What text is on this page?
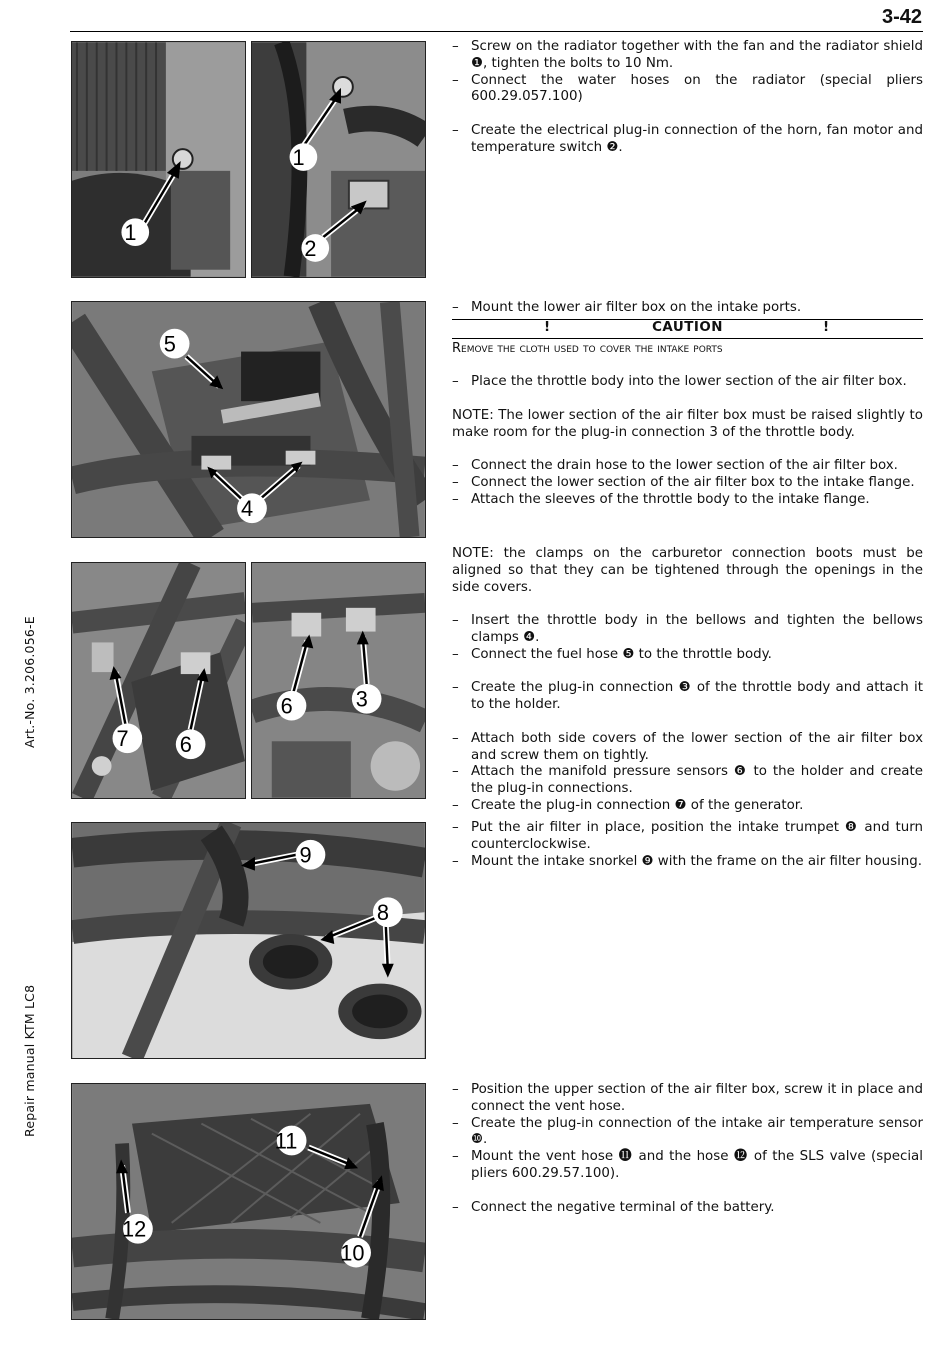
3-42
Art.-No. 3.206.056-E
Repair manual KTM LC8
1
1
2
5
4
7 6
6	3
9
8
11
12
10
– Screw on the radiator together with the fan and the radiator shield ❶, tighten the bolts to 10 Nm.
– Connect the water hoses on the radiator (special pliers 600.29.057.100)
– Create the electrical plug-in connection of the horn, fan motor and temperature switch ❷.
– Mount the lower air filter box on the intake ports.
!	CAUTION	!
Remove the cloth used to cover the intake ports
– Place the throttle body into the lower section of the air filter box.
NOTE: The lower section of the air filter box must be raised slightly to make room for the plug-in connection 3 of the throttle body.
– Connect the drain hose to the lower section of the air filter box.
– Connect the lower section of the air filter box to the intake flange.
– Attach the sleeves of the throttle body to the intake flange.
NOTE: the clamps on the carburetor connection boots must be aligned so that they can be tightened through the openings in the side covers.
– Insert the throttle body in the bellows and tighten the bellows clamps ❹.
– Connect the fuel hose ❺ to the throttle body.
– Create the plug-in connection ❸ of the throttle body and attach it to the holder.
– Attach both side covers of the lower section of the air filter box and screw them on tightly.
– Attach the manifold pressure sensors ❻ to the holder and create the plug-in connections.
– Create the plug-in connection ❼ of the generator.
– Put the air filter in place, position the intake trumpet ❽ and turn counterclockwise.
– Mount the intake snorkel ❾ with the frame on the air filter housing.
– Position the upper section of the air filter box, screw it in place and connect the vent hose.
– Create the plug-in connection of the intake air temperature sensor ❿.
– Mount the vent hose ⓫ and the hose ⓬ of the SLS valve (special pliers 600.29.57.100).
– Connect the negative terminal of the battery.
